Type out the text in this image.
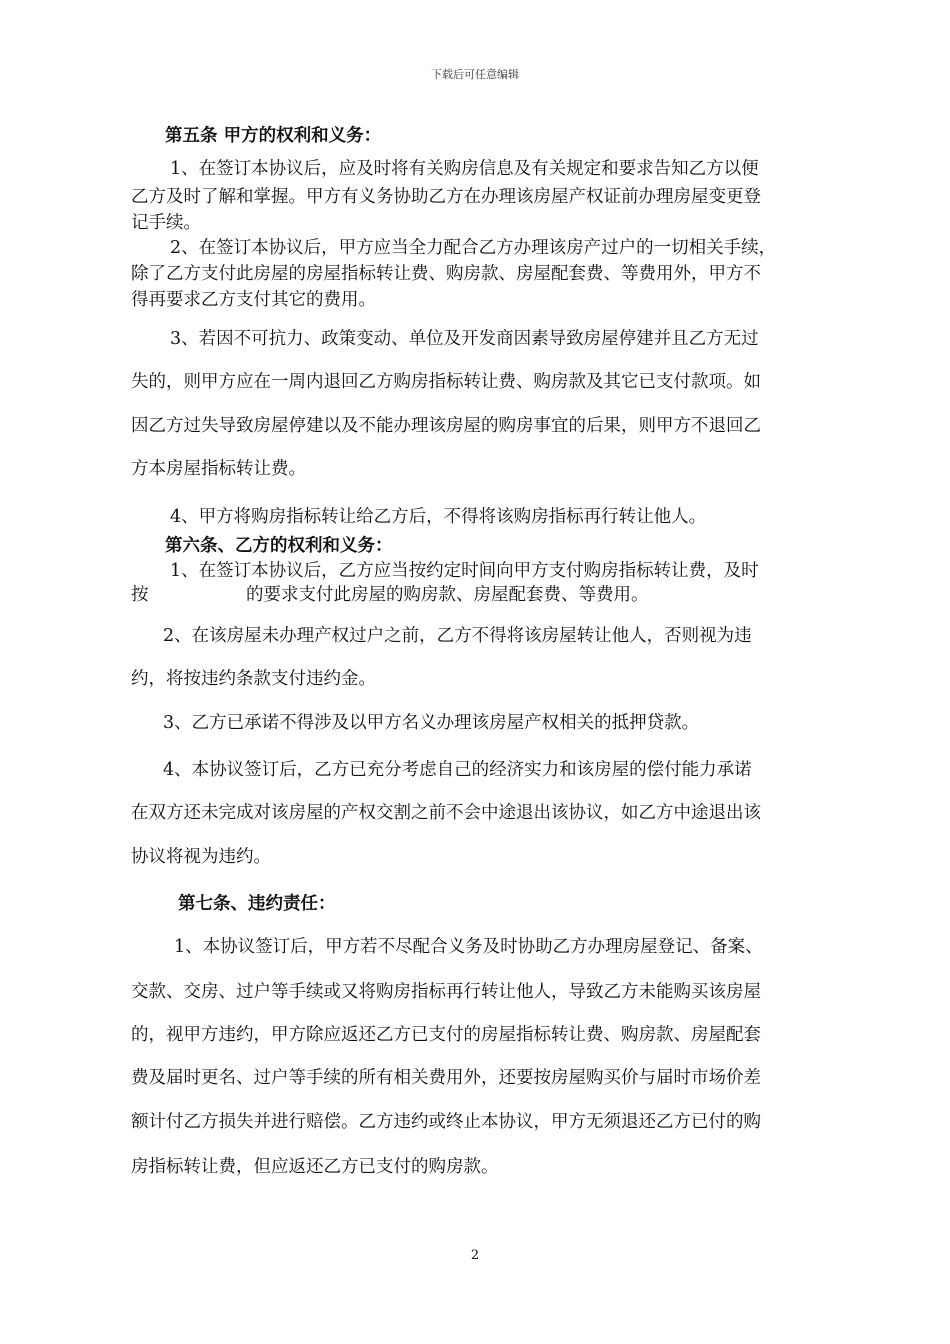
下载后可任意编辑
第五条 甲方的权利和义务：
1、在签订本协议后，应及时将有关购房信息及有关规定和要求告知乙方以便
乙方及时了解和掌握。甲方有义务协助乙方在办理该房屋产权证前办理房屋变更登
记手续。
2、在签订本协议后，甲方应当全力配合乙方办理该房产过户的一切相关手续，
除了乙方支付此房屋的房屋指标转让费、购房款、房屋配套费、等费用外，甲方不
得再要求乙方支付其它的费用。
3、若因不可抗力、政策变动、单位及开发商因素导致房屋停建并且乙方无过
失的，则甲方应在一周内退回乙方购房指标转让费、购房款及其它已支付款项。如
因乙方过失导致房屋停建以及不能办理该房屋的购房事宜的后果，则甲方不退回乙
方本房屋指标转让费。
4、甲方将购房指标转让给乙方后，不得将该购房指标再行转让他人。
第六条、乙方的权利和义务：
1、在签订本协议后，乙方应当按约定时间向甲方支付购房指标转让费，及时
按	的要求支付此房屋的购房款、房屋配套费、等费用。
2、在该房屋未办理产权过户之前，乙方不得将该房屋转让他人，否则视为违
约，将按违约条款支付违约金。
3、乙方已承诺不得涉及以甲方名义办理该房屋产权相关的抵押贷款。
4、本协议签订后，乙方已充分考虑自己的经济实力和该房屋的偿付能力承诺
在双方还未完成对该房屋的产权交割之前不会中途退出该协议，如乙方中途退出该
协议将视为违约。
第七条、违约责任：
1、本协议签订后，甲方若不尽配合义务及时协助乙方办理房屋登记、备案、
交款、交房、过户等手续或又将购房指标再行转让他人，导致乙方未能购买该房屋
的，视甲方违约，甲方除应返还乙方已支付的房屋指标转让费、购房款、房屋配套
费及届时更名、过户等手续的所有相关费用外，还要按房屋购买价与届时市场价差
额计付乙方损失并进行赔偿。乙方违约或终止本协议，甲方无须退还乙方已付的购
房指标转让费，但应返还乙方已支付的购房款。
2
